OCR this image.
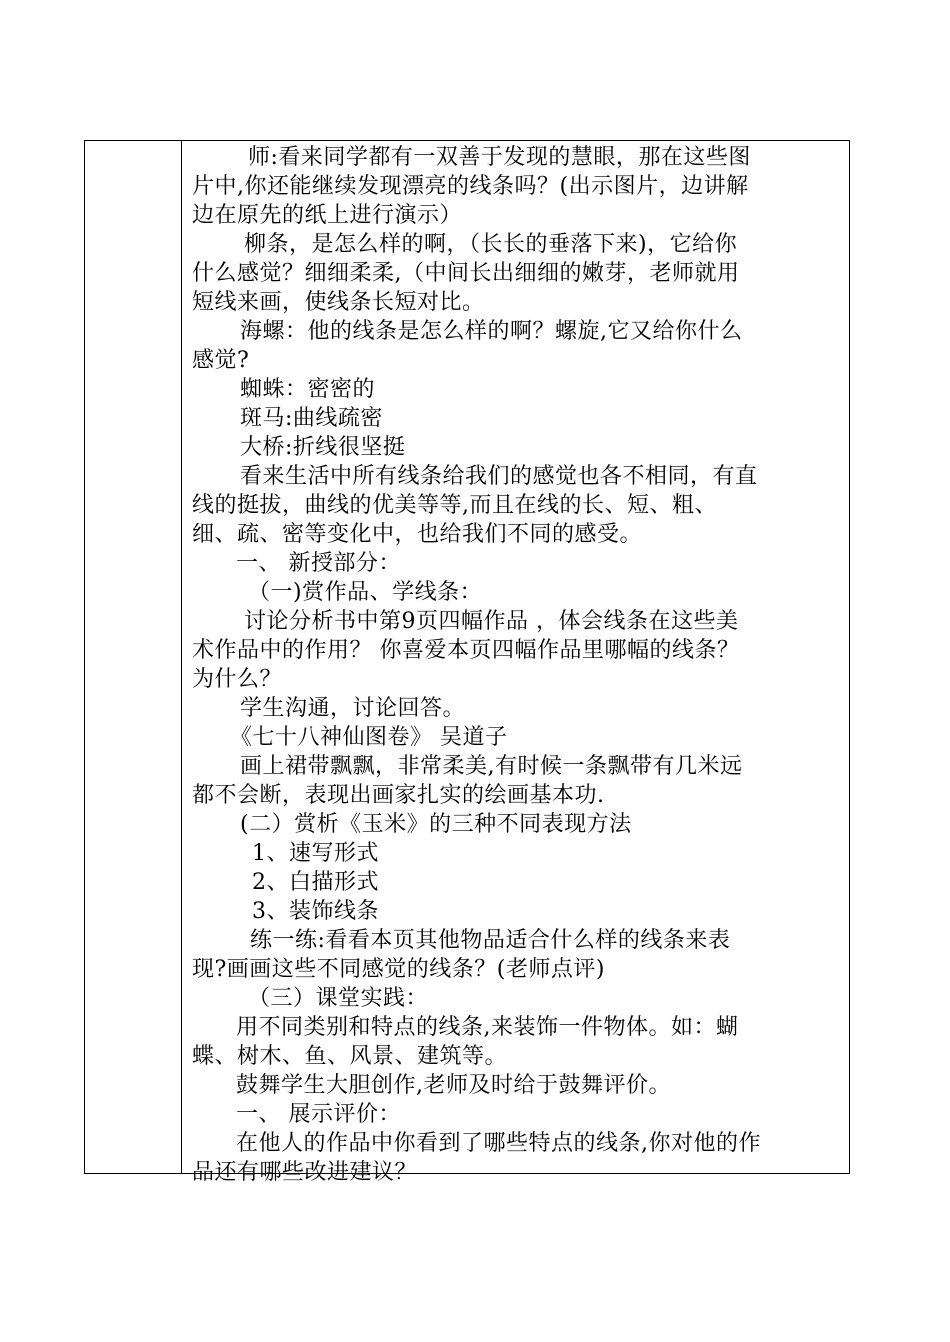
师:看来同学都有一双善于发现的慧眼，那在这些图
片中,你还能继续发现漂亮的线条吗？(出示图片，边讲解
边在原先的纸上进行演示）
柳条，是怎么样的啊，（长长的垂落下来)，它给你
什么感觉？细细柔柔,（中间长出细细的嫩芽，老师就用
短线来画，使线条长短对比。
海螺：他的线条是怎么样的啊？螺旋,它又给你什么
感觉?
蜘蛛：密密的
斑马:曲线疏密
大桥:折线很坚挺
看来生活中所有线条给我们的感觉也各不相同，有直
线的挺拔，曲线的优美等等,而且在线的长、短、粗、
细、疏、密等变化中，也给我们不同的感受。
一、 新授部分：
（一)赏作品、学线条：
讨论分析书中第9页四幅作品 ，体会线条在这些美
术作品中的作用？ 你喜爱本页四幅作品里哪幅的线条？
为什么？
学生沟通，讨论回答。
《七十八神仙图卷》 吴道子
画上裙带飘飘，非常柔美,有时候一条飘带有几米远
都不会断，表现出画家扎实的绘画基本功.
(二）赏析《玉米》的三种不同表现方法
1、速写形式
2、白描形式
3、装饰线条
练一练:看看本页其他物品适合什么样的线条来表
现?画画这些不同感觉的线条？(老师点评)
（三）课堂实践：
用不同类别和特点的线条,来装饰一件物体。如：蝴
蝶、树木、鱼、风景、建筑等。
鼓舞学生大胆创作,老师及时给于鼓舞评价。
一、 展示评价：
在他人的作品中你看到了哪些特点的线条,你对他的作
品还有哪些改进建议？
